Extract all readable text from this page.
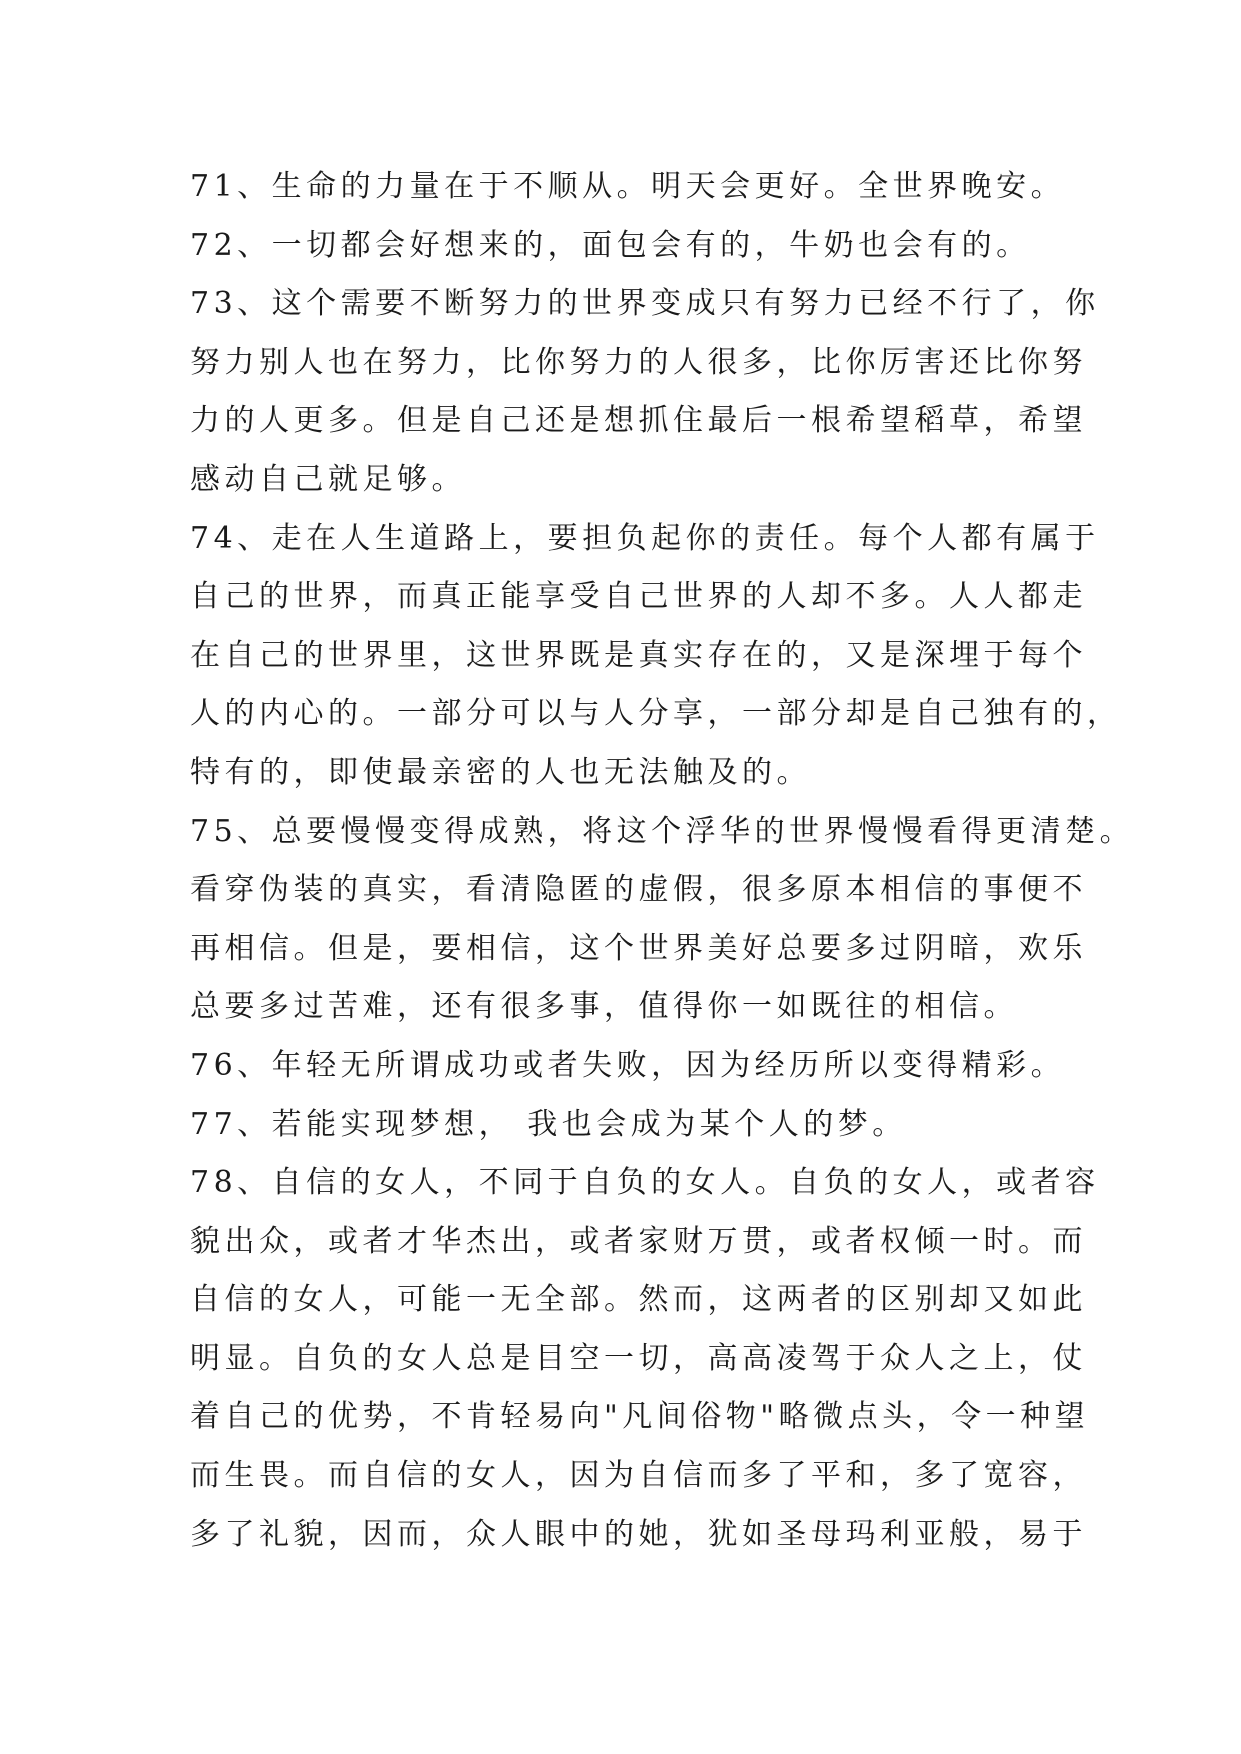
71、生命的力量在于不顺从。明天会更好。全世界晚安。
72、一切都会好想来的，面包会有的，牛奶也会有的。
73、这个需要不断努力的世界变成只有努力已经不行了，你
努力别人也在努力，比你努力的人很多，比你厉害还比你努
力的人更多。但是自己还是想抓住最后一根希望稻草，希望
感动自己就足够。
74、走在人生道路上，要担负起你的责任。每个人都有属于
自己的世界，而真正能享受自己世界的人却不多。人人都走
在自己的世界里，这世界既是真实存在的，又是深埋于每个
人的内心的。一部分可以与人分享，一部分却是自己独有的，
特有的，即使最亲密的人也无法触及的。
75、总要慢慢变得成熟，将这个浮华的世界慢慢看得更清楚。
看穿伪装的真实，看清隐匿的虚假，很多原本相信的事便不
再相信。但是，要相信，这个世界美好总要多过阴暗，欢乐
总要多过苦难，还有很多事，值得你一如既往的相信。
76、年轻无所谓成功或者失败，因为经历所以变得精彩。
77、若能实现梦想， 我也会成为某个人的梦。
78、自信的女人，不同于自负的女人。自负的女人，或者容
貌出众，或者才华杰出，或者家财万贯，或者权倾一时。而
自信的女人，可能一无全部。然而，这两者的区别却又如此
明显。自负的女人总是目空一切，高高凌驾于众人之上，仗
着自己的优势，不肯轻易向"凡间俗物"略微点头，令一种望
而生畏。而自信的女人，因为自信而多了平和，多了宽容，
多了礼貌，因而，众人眼中的她，犹如圣母玛利亚般，易于
